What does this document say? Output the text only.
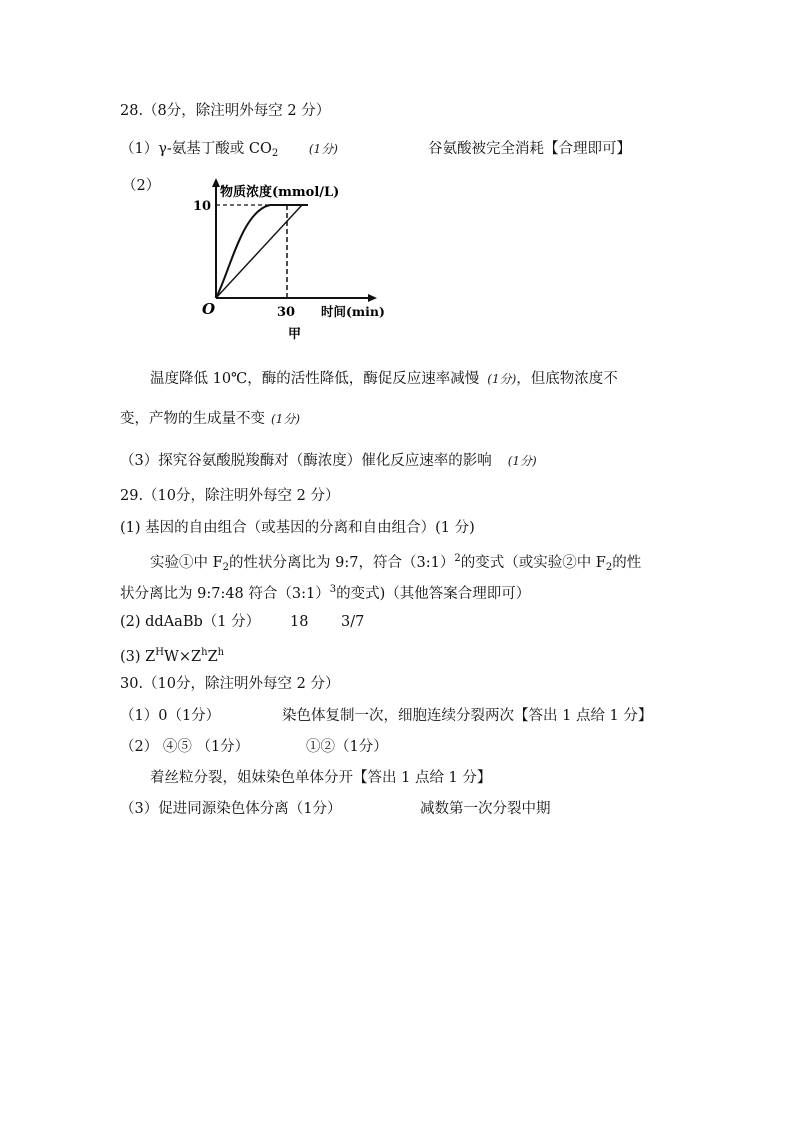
28.（8分，除注明外每空 2 分）
（1）γ-氨基丁酸或 $CO_2$	(1分)	谷氨酸被完全消耗【合理即可】
（2）	物质浓度(mmol/L)
10
O	30 时间(min)
甲
温度降低 10℃，酶的活性降低，酶促反应速率减慢 (1分)，但底物浓度不
变，产物的生成量不变 (1分)
（3）探究谷氨酸脱羧酶对（酶浓度）催化反应速率的影响 (1分)
29.（10分，除注明外每空 2 分）
(1) 基因的自由组合（或基因的分离和自由组合）(1 分)
实验①中 $F_2$的性状分离比为 9:7，符合（3:1）$^2$的变式（或实验②中 $F_2$的性
状分离比为 9:7:48 符合（3:1）$^3$的变式)（其他答案合理即可）
(2) ddAaBb（1 分） 18 3/7
(3) $Z^HW\times Z^hZ^h$
30.（10分，除注明外每空 2 分）
（1）0（1分）	染色体复制一次，细胞连续分裂两次【答出 1 点给 1 分】
（2） ④⑤ （1分）	①②（1分）
着丝粒分裂，姐妹染色单体分开【答出 1 点给 1 分】
（3）促进同源染色体分离（1分）	减数第一次分裂中期
